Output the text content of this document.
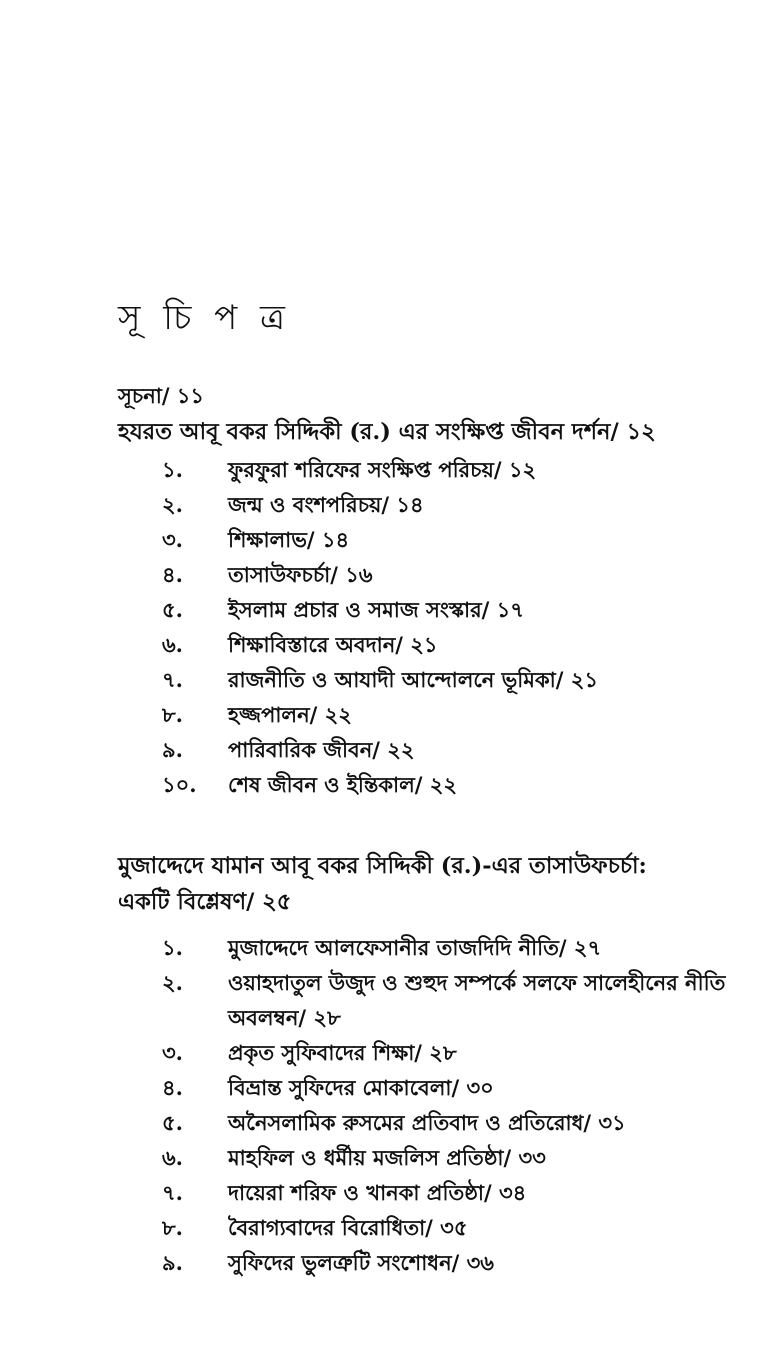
সূ চি প ত্র
সূচনা/ ১১
হযরত আবূ বকর সিদ্দিকী (র.) এর সংক্ষিপ্ত জীবন দর্শন/ ১২
১.	ফুরফুরা শরিফের সংক্ষিপ্ত পরিচয়/ ১২
২.	জন্ম ও বংশপরিচয়/ ১৪
৩.	শিক্ষালাভ/ ১৪
৪.	তাসাউফচর্চা/ ১৬
৫.	ইসলাম প্রচার ও সমাজ সংস্কার/ ১৭
৬.	শিক্ষাবিস্তারে অবদান/ ২১
৭.	রাজনীতি ও আযাদী আন্দোলনে ভূমিকা/ ২১
৮.	হজ্জপালন/ ২২
৯.	পারিবারিক জীবন/ ২২
১০.	শেষ জীবন ও ইন্তিকাল/ ২২
মুজাদ্দেদে যামান আবূ বকর সিদ্দিকী (র.)-এর তাসাউফচর্চা:
একটি বিশ্লেষণ/ ২৫
১.	মুজাদ্দেদে আলফেসানীর তাজদিদি নীতি/ ২৭
২.	ওয়াহদাতুল উজুদ ও শুহুদ সম্পর্কে সলফে সালেহীনের নীতি
অবলম্বন/ ২৮
৩.	প্রকৃত সুফিবাদের শিক্ষা/ ২৮
৪.	বিভ্রান্ত সুফিদের মোকাবেলা/ ৩০
৫.	অনৈসলামিক রুসমের প্রতিবাদ ও প্রতিরোধ/ ৩১
৬.	মাহফিল ও ধর্মীয় মজলিস প্রতিষ্ঠা/ ৩৩
৭.	দায়েরা শরিফ ও খানকা প্রতিষ্ঠা/ ৩৪
৮.	বৈরাগ্যবাদের বিরোধিতা/ ৩৫
৯.	সুফিদের ভুলত্রুটি সংশোধন/ ৩৬
